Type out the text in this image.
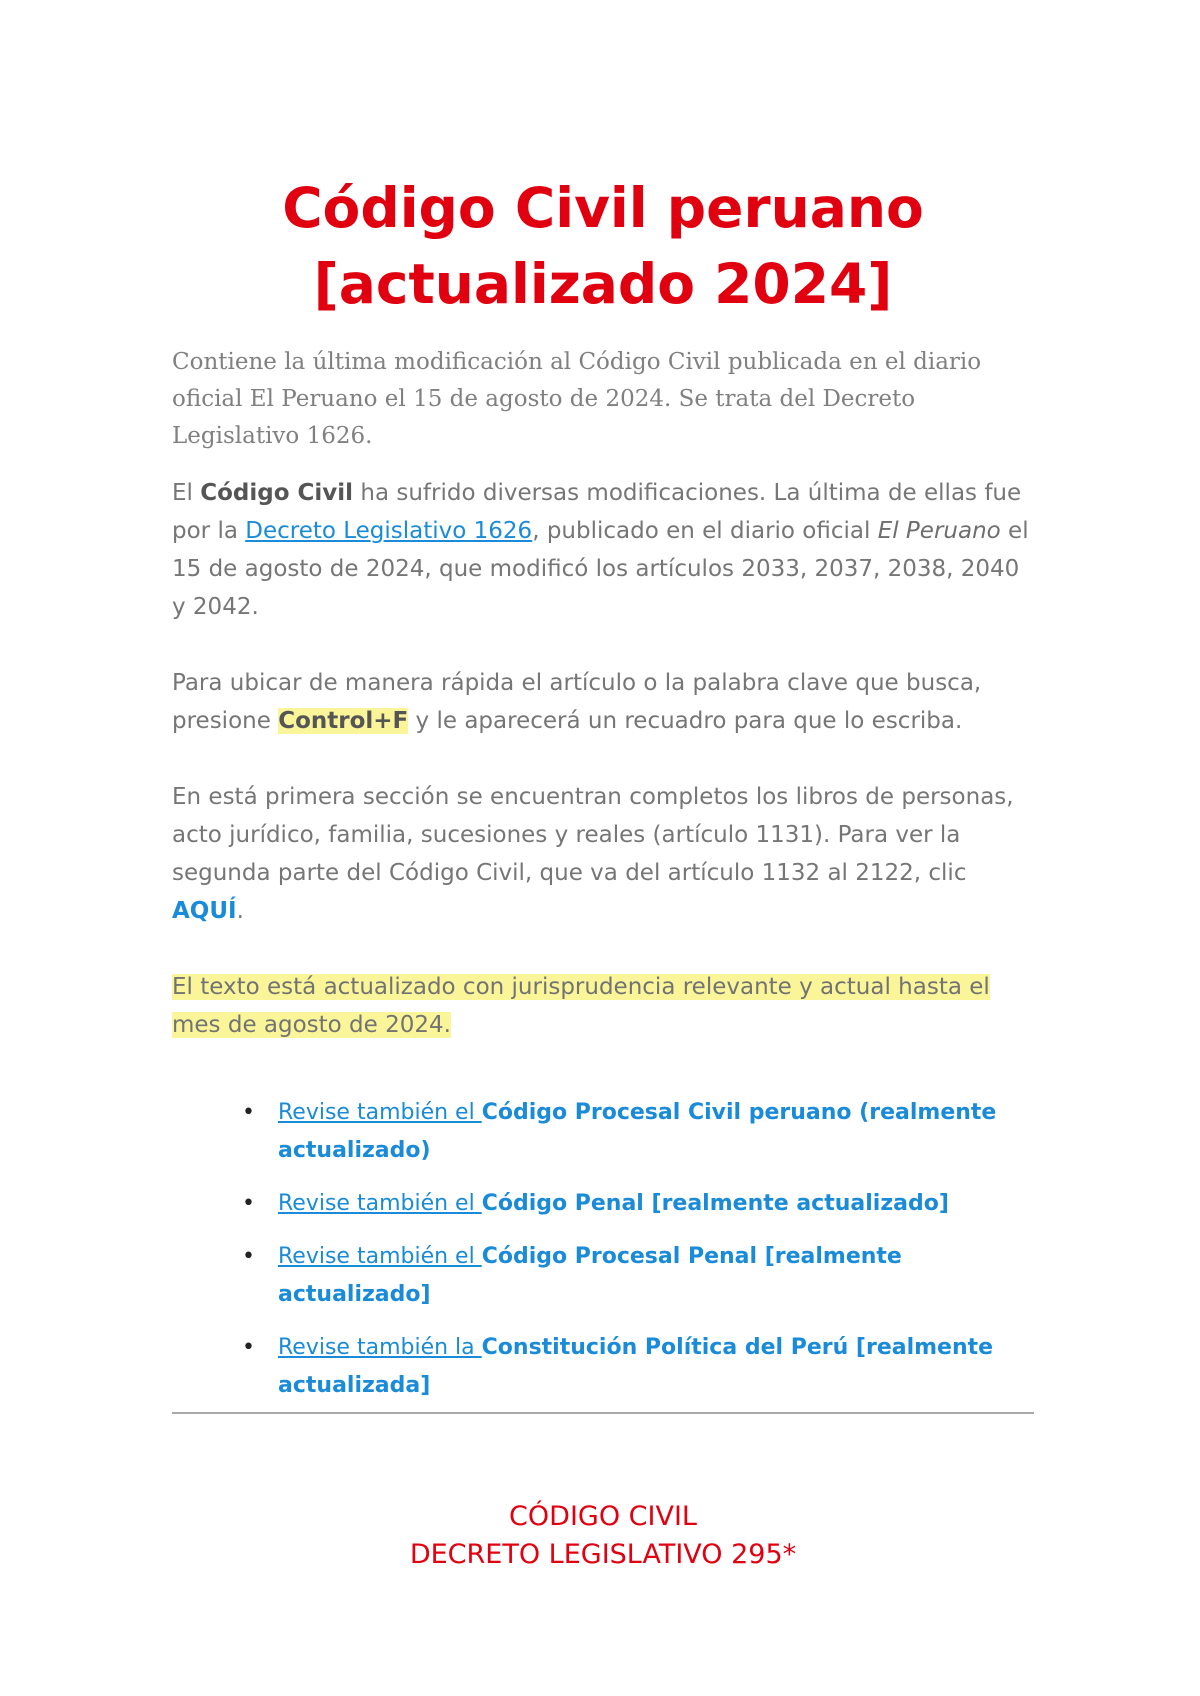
Código Civil peruano
[actualizado 2024]

Contiene la última modificación al Código Civil publicada en el diario oficial El Peruano el 15 de agosto de 2024. Se trata del Decreto Legislativo 1626.

El Código Civil ha sufrido diversas modificaciones. La última de ellas fue por la Decreto Legislativo 1626, publicado en el diario oficial El Peruano el 15 de agosto de 2024, que modificó los artículos 2033, 2037, 2038, 2040 y 2042.

Para ubicar de manera rápida el artículo o la palabra clave que busca, presione Control+F y le aparecerá un recuadro para que lo escriba.

En está primera sección se encuentran completos los libros de personas, acto jurídico, familia, sucesiones y reales (artículo 1131). Para ver la segunda parte del Código Civil, que va del artículo 1132 al 2122, clic AQUÍ.

El texto está actualizado con jurisprudencia relevante y actual hasta el mes de agosto de 2024.

• Revise también el Código Procesal Civil peruano (realmente actualizado)
• Revise también el Código Penal [realmente actualizado]
• Revise también el Código Procesal Penal [realmente actualizado]
• Revise también la Constitución Política del Perú [realmente actualizada]
CÓDIGO CIVIL
DECRETO LEGISLATIVO 295*
